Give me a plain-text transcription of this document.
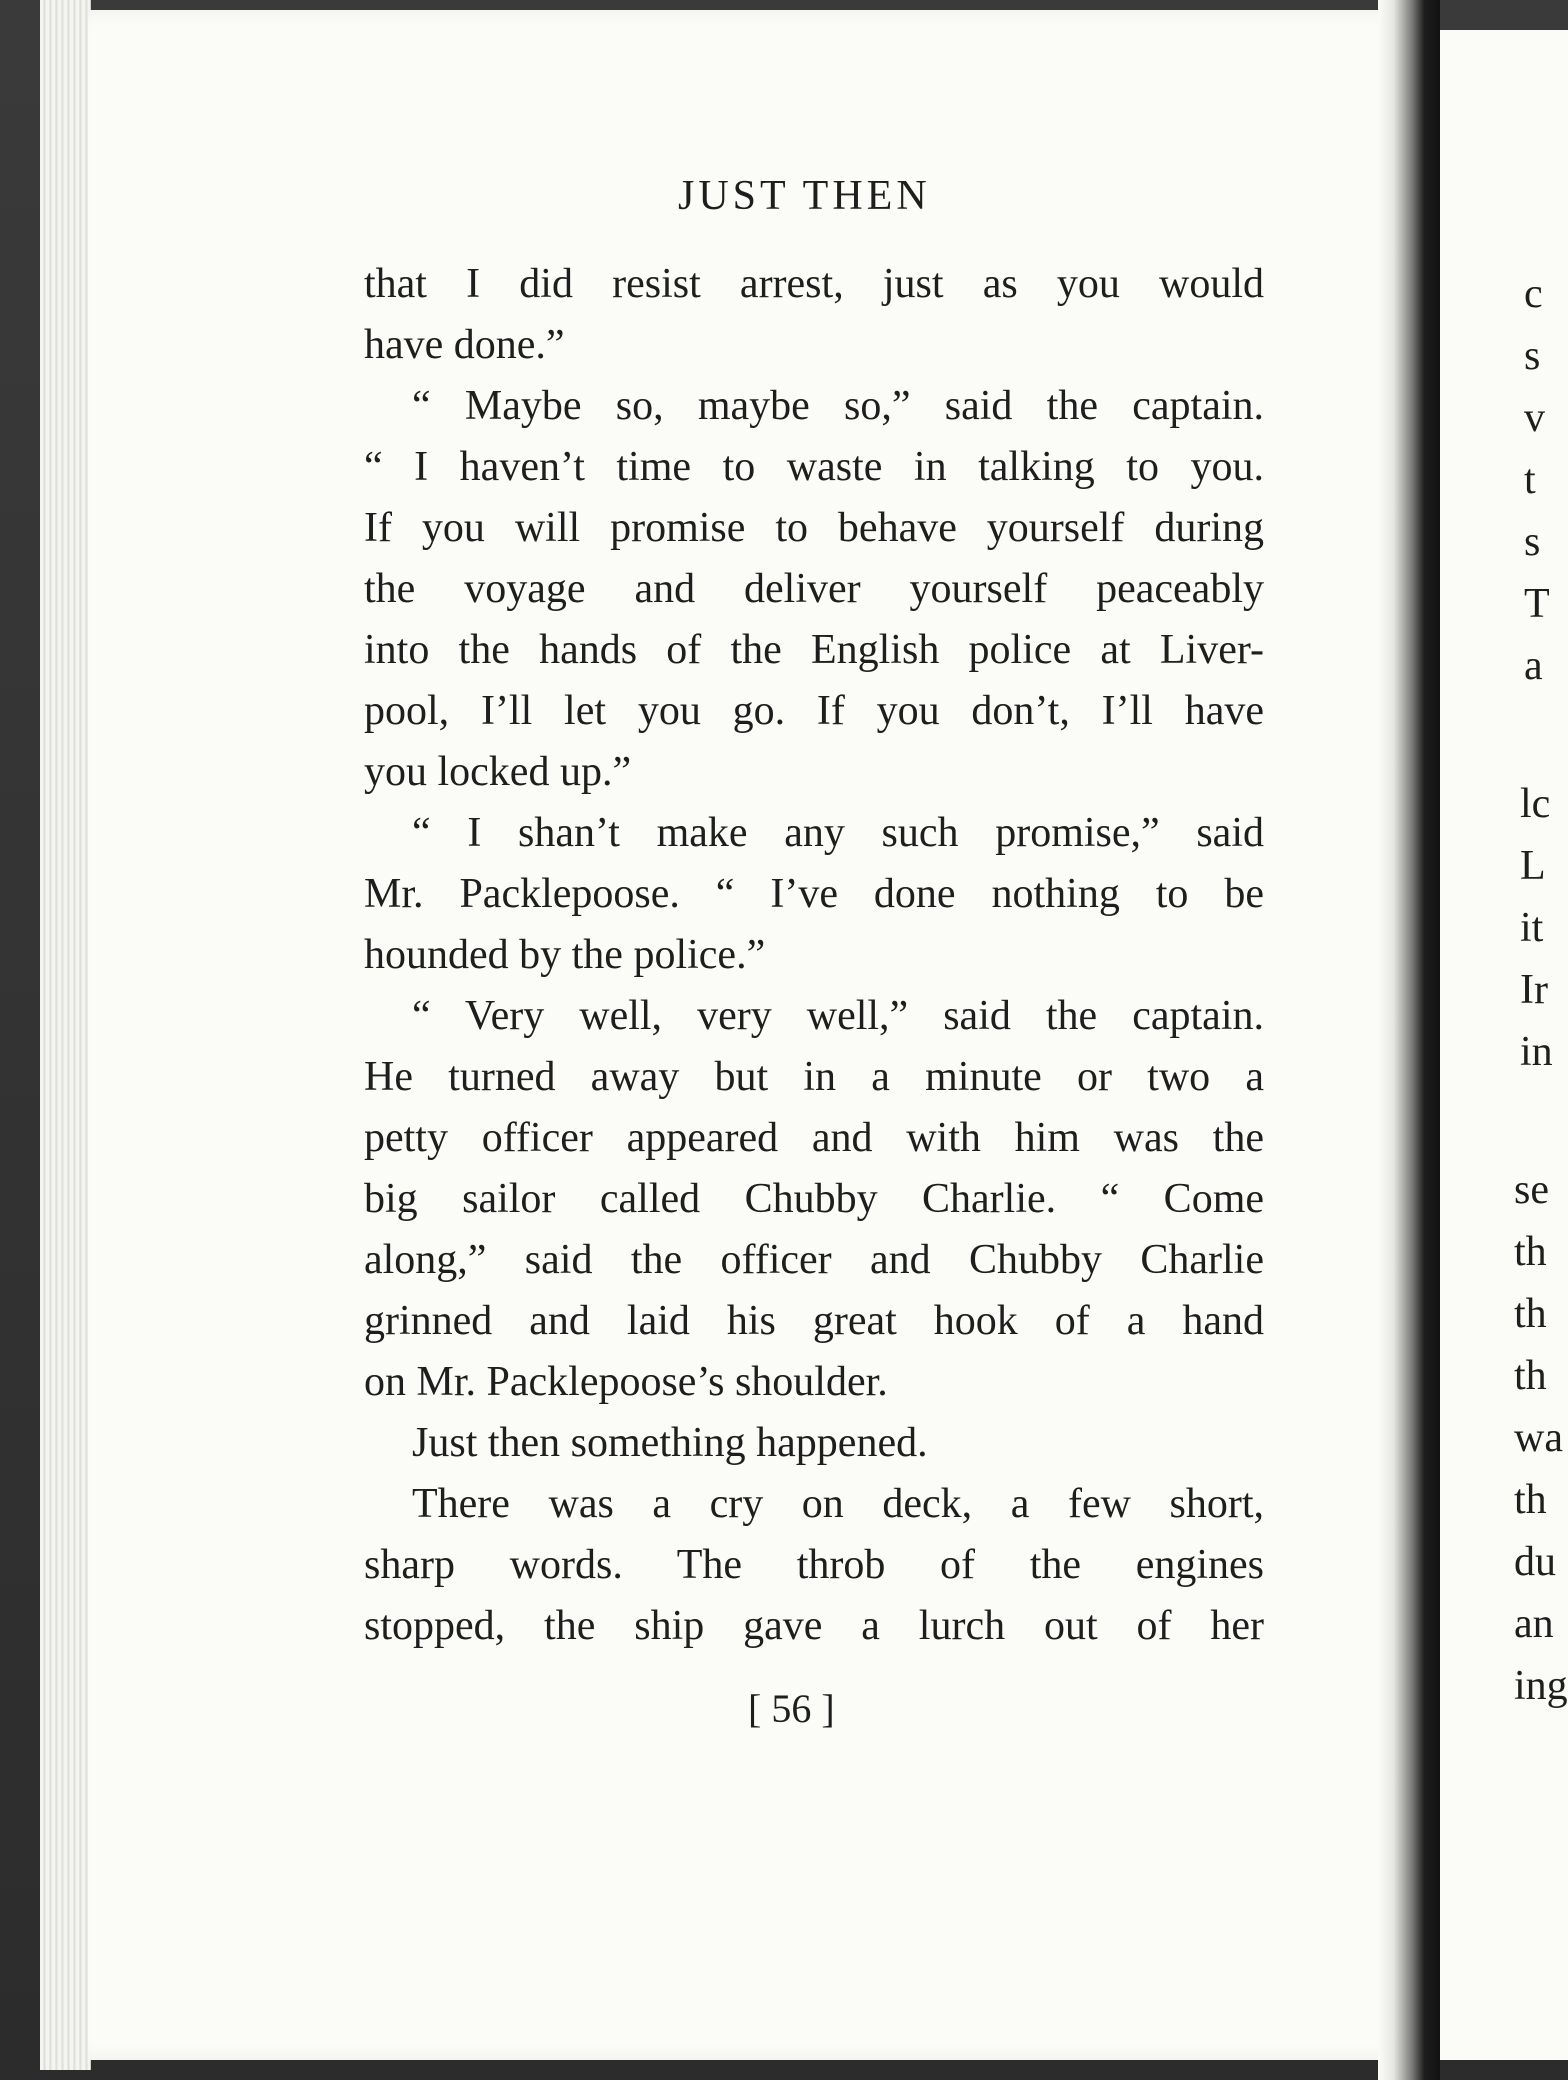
JUST THEN
that I did resist arrest, just as you would
have done.”
“ Maybe so, maybe so,” said the captain.
“ I haven’t time to waste in talking to you.
If you will promise to behave yourself during
the voyage and deliver yourself peaceably
into the hands of the English police at Liver-
pool, I’ll let you go. If you don’t, I’ll have
you locked up.”
“ I shan’t make any such promise,” said
Mr. Packlepoose. “ I’ve done nothing to be
hounded by the police.”
“ Very well, very well,” said the captain.
He turned away but in a minute or two a
petty officer appeared and with him was the
big sailor called Chubby Charlie. “ Come
along,” said the officer and Chubby Charlie
grinned and laid his great hook of a hand
on Mr. Packlepoose’s shoulder.
Just then something happened.
There was a cry on deck, a few short,
sharp words. The throb of the engines
stopped, the ship gave a lurch out of her
[ 56 ]
c
s
v
t
s
T
a
lc
L
it
Ir
in
se
th
th
th
wa
th
du
an
ing
